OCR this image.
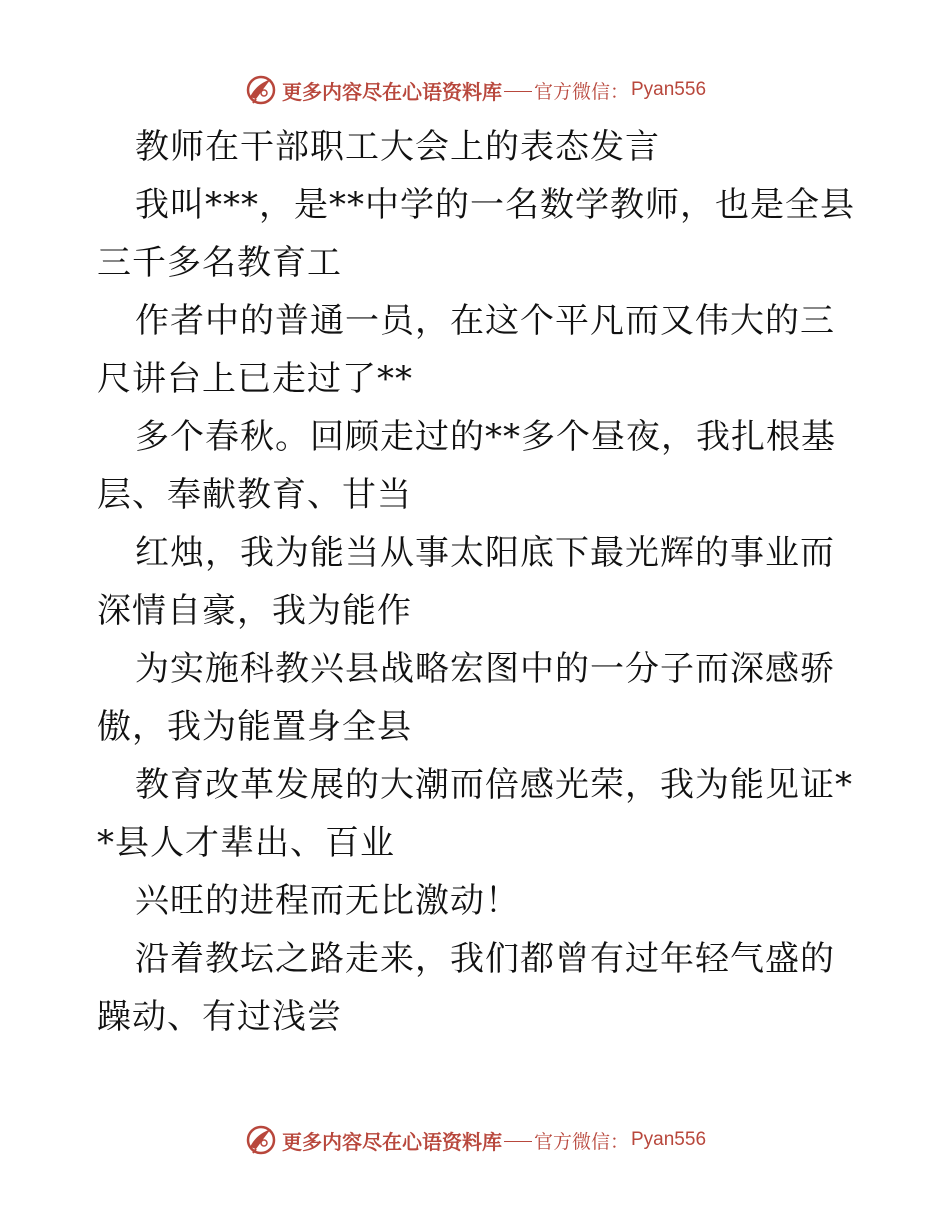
更多内容尽在心语资料库 官方微信： Pyan556

教师在干部职工大会上的表态发言

我叫***，是**中学的一名数学教师，也是全县三千多名教育工

作者中的普通一员，在这个平凡而又伟大的三尺讲台上已走过了**

多个春秋。回顾走过的**多个昼夜，我扎根基层、奉献教育、甘当

红烛，我为能当从事太阳底下最光辉的事业而深情自豪，我为能作

为实施科教兴县战略宏图中的一分子而深感骄傲，我为能置身全县

教育改革发展的大潮而倍感光荣，我为能见证**县人才辈出、百业

兴旺的进程而无比激动！

沿着教坛之路走来，我们都曾有过年轻气盛的躁动、有过浅尝

更多内容尽在心语资料库 官方微信： Pyan556
